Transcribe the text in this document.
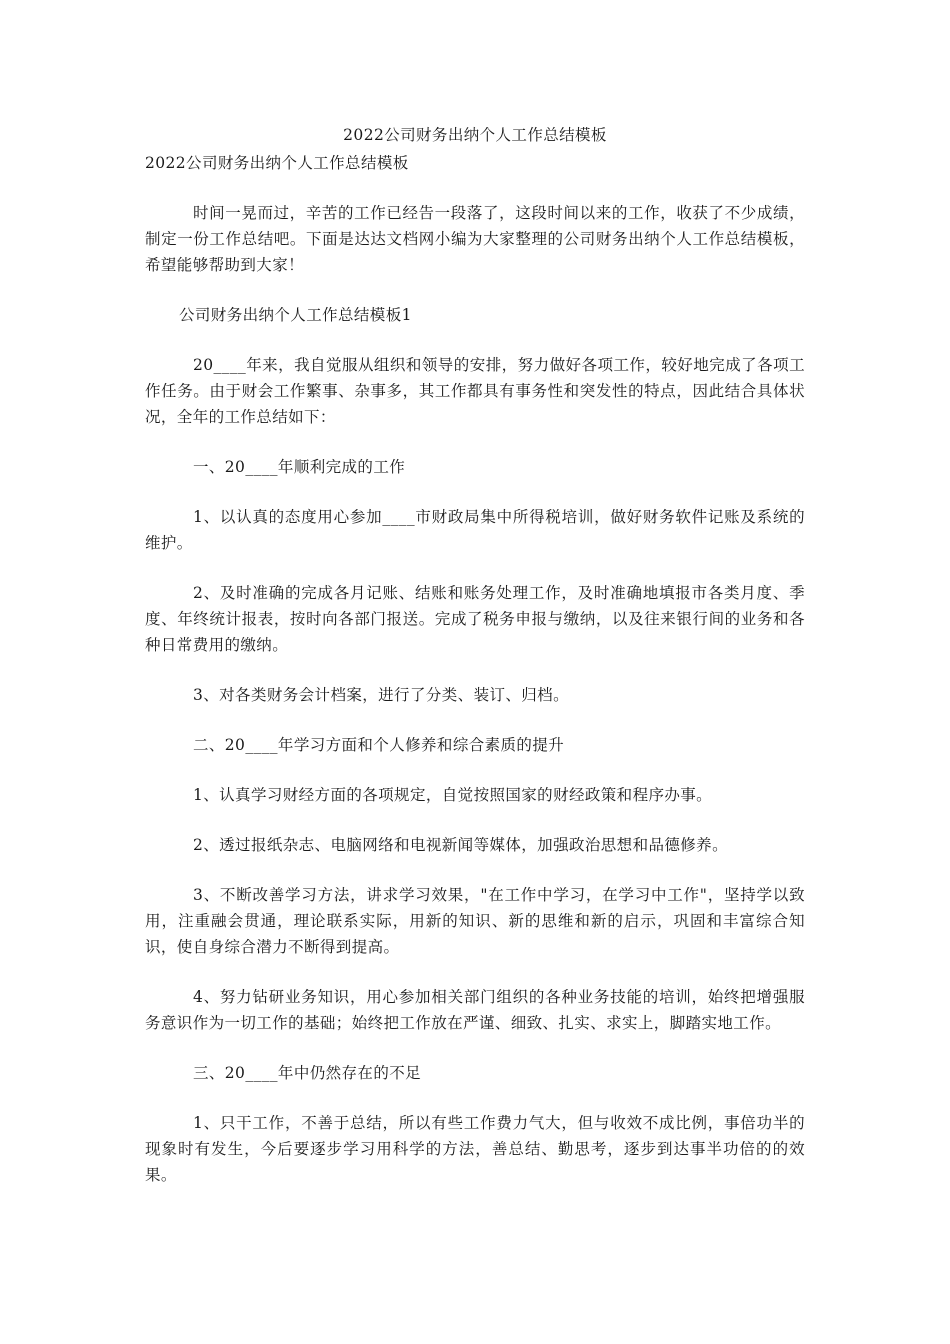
2022公司财务出纳个人工作总结模板
2022公司财务出纳个人工作总结模板

时间一晃而过，辛苦的工作已经告一段落了，这段时间以来的工作，收获了不少成绩，制定一份工作总结吧。下面是达达文档网小编为大家整理的公司财务出纳个人工作总结模板，希望能够帮助到大家！

公司财务出纳个人工作总结模板1

20____年来，我自觉服从组织和领导的安排，努力做好各项工作，较好地完成了各项工作任务。由于财会工作繁事、杂事多，其工作都具有事务性和突发性的特点，因此结合具体状况，全年的工作总结如下：

一、20____年顺利完成的工作

1、以认真的态度用心参加____市财政局集中所得税培训，做好财务软件记账及系统的维护。

2、及时准确的完成各月记账、结账和账务处理工作，及时准确地填报市各类月度、季度、年终统计报表，按时向各部门报送。完成了税务申报与缴纳，以及往来银行间的业务和各种日常费用的缴纳。

3、对各类财务会计档案，进行了分类、装订、归档。

二、20____年学习方面和个人修养和综合素质的提升

1、认真学习财经方面的各项规定，自觉按照国家的财经政策和程序办事。

2、透过报纸杂志、电脑网络和电视新闻等媒体，加强政治思想和品德修养。

3、不断改善学习方法，讲求学习效果，"在工作中学习，在学习中工作"，坚持学以致用，注重融会贯通，理论联系实际，用新的知识、新的思维和新的启示，巩固和丰富综合知识，使自身综合潜力不断得到提高。

4、努力钻研业务知识，用心参加相关部门组织的各种业务技能的培训，始终把增强服务意识作为一切工作的基础；始终把工作放在严谨、细致、扎实、求实上，脚踏实地工作。

三、20____年中仍然存在的不足

1、只干工作，不善于总结，所以有些工作费力气大，但与收效不成比例，事倍功半的现象时有发生，今后要逐步学习用科学的方法，善总结、勤思考，逐步到达事半功倍的的效果。
